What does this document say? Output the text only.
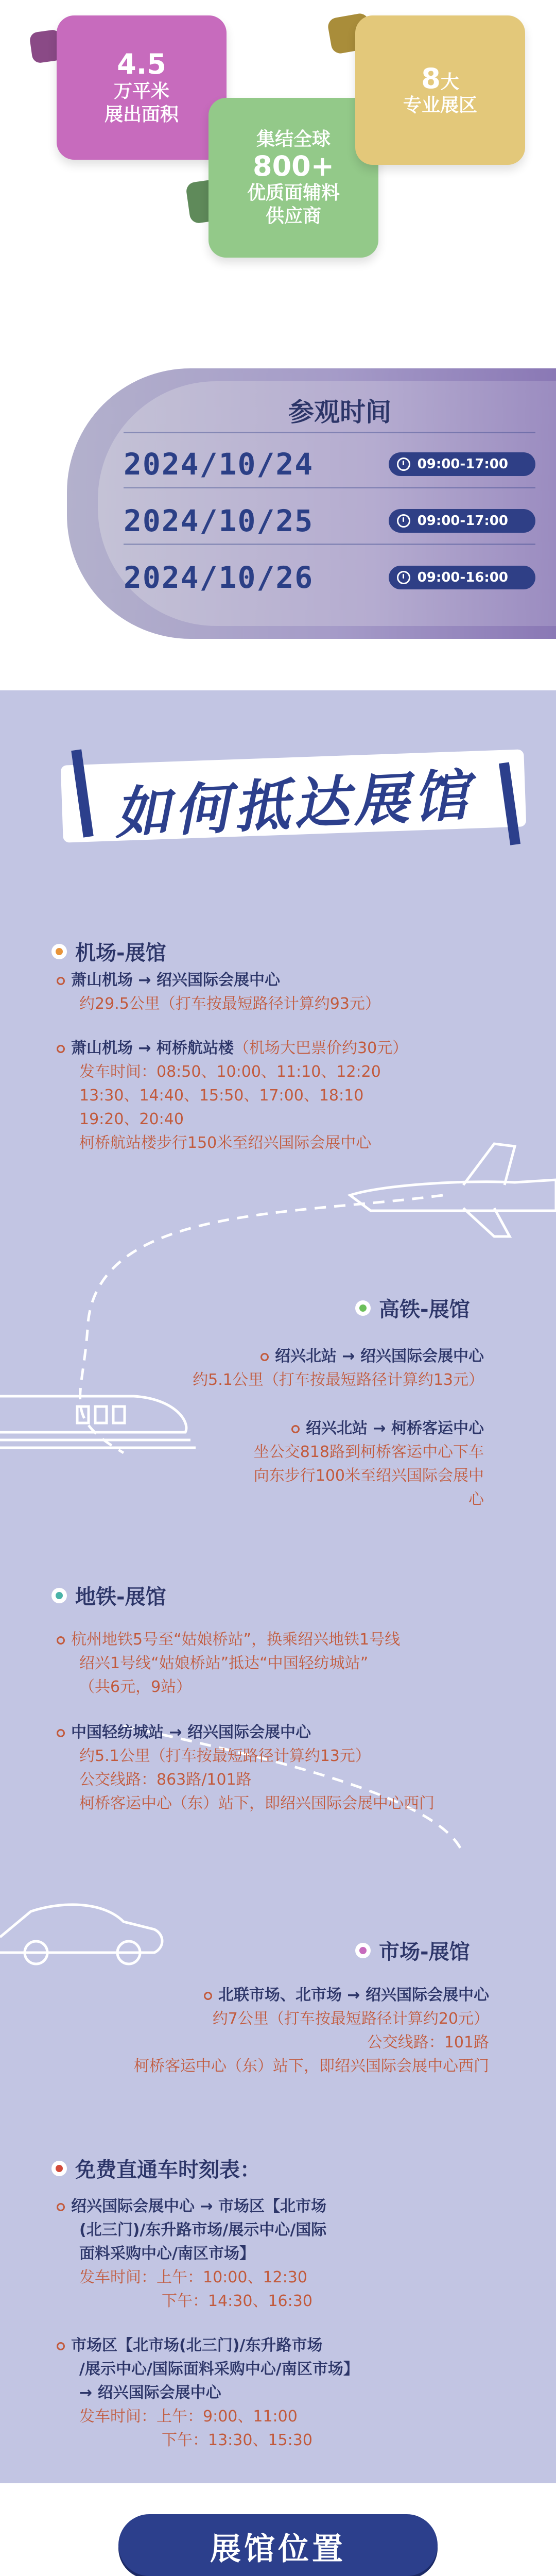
4.5
万平米
展出面积
集结全球
800+
优质面辅料
供应商
8大
专业展区
参观时间
2024/10/24	09:00-17:00
2024/10/25	09:00-17:00
2024/10/26	09:00-16:00
如何抵达展馆
机场-展馆
萧山机场 → 绍兴国际会展中心
约29.5公里（打车按最短路径计算约93元）
萧山机场 → 柯桥航站楼（机场大巴票价约30元）
发车时间：08:50、10:00、11:10、12:20
13:30、14:40、15:50、17:00、18:10
19:20、20:40
柯桥航站楼步行150米至绍兴国际会展中心
高铁-展馆
绍兴北站 → 绍兴国际会展中心
约5.1公里（打车按最短路径计算约13元）
绍兴北站 → 柯桥客运中心
坐公交818路到柯桥客运中心下车
向东步行100米至绍兴国际会展中心
地铁-展馆
杭州地铁5号至“姑娘桥站”，换乘绍兴地铁1号线
绍兴1号线“姑娘桥站”抵达“中国轻纺城站”
（共6元，9站）
中国轻纺城站 → 绍兴国际会展中心
约5.1公里（打车按最短路径计算约13元）
公交线路：863路/101路
柯桥客运中心（东）站下，即绍兴国际会展中心西门
市场-展馆
北联市场、北市场 → 绍兴国际会展中心
约7公里（打车按最短路径计算约20元）
公交线路：101路
柯桥客运中心（东）站下，即绍兴国际会展中心西门
免费直通车时刻表：
绍兴国际会展中心 → 市场区【北市场
(北三门)/东升路市场/展示中心/国际
面料采购中心/南区市场】
发车时间：上午：10:00、12:30
下午：14:30、16:30
市场区【北市场(北三门)/东升路市场
/展示中心/国际面料采购中心/南区市场】
→ 绍兴国际会展中心
发车时间：上午：9:00、11:00
下午：13:30、15:30
展馆位置
